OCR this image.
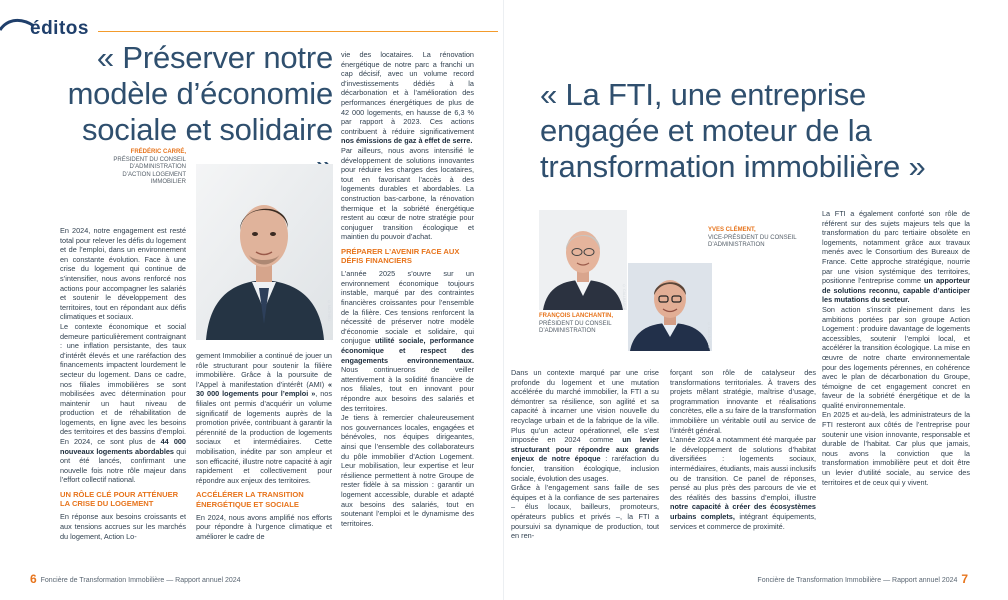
éditos
« Préserver notre modèle d’économie sociale et solidaire
FRÉDÉRIC CARRÉ,
PRÉSIDENT DU CONSEIL D’ADMINISTRATION D’ACTION LOGEMENT IMMOBILIER
© MATHIEU

En 2024, notre engagement est resté total pour relever les défis du logement et de l’emploi, dans un environnement en constante évolution. Face à une crise du logement qui continue de s’intensifier, nous avons renforcé nos actions pour accompagner les salariés et soutenir le développement des territoires, tout en répondant aux défis climatiques et sociaux.

Le contexte économique et social demeure particulièrement contraignant : une inflation persistante, des taux d’intérêt élevés et une raréfaction des financements impactent lourdement le secteur du logement. Dans ce cadre, nos filiales immobilières se sont mobilisées avec détermination pour maintenir un haut niveau de production et de réhabilitation de logements, en ligne avec les besoins des territoires et des bassins d’emploi. En 2024, ce sont plus de 44 000 nouveaux logements abordables qui ont été lancés, confirmant une nouvelle fois notre rôle majeur dans l’effort collectif national.

UN RÔLE CLÉ POUR ATTÉNUER LA CRISE DU LOGEMENT

En réponse aux besoins croissants et aux tensions accrues sur les marchés du logement, Action Lo-

gement Immobilier a continué de jouer un rôle structurant pour soutenir la filière immobilière. Grâce à la poursuite de l’Appel à manifestation d’intérêt (AMI) « 30 000 logements pour l’emploi », nos filiales ont permis d’acquérir un volume significatif de logements auprès de la promotion privée, contribuant à garantir la pérennité de la production de logements sociaux et intermédiaires. Cette mobilisation, inédite par son ampleur et son efficacité, illustre notre capacité à agir rapidement et collectivement pour répondre aux enjeux des territoires.

ACCÉLÉRER LA TRANSITION ÉNERGÉTIQUE ET SOCIALE

En 2024, nous avons amplifié nos efforts pour répondre à l’urgence climatique et améliorer le cadre de

vie des locataires. La rénovation énergétique de notre parc a franchi un cap décisif, avec un volume record d’investissements dédiés à la décarbonation et à l’amélioration des performances énergétiques de plus de 42 000 logements, en hausse de 6,3 % par rapport à 2023. Ces actions contribuent à réduire significativement nos émissions de gaz à effet de serre.

Par ailleurs, nous avons intensifié le développement de solutions innovantes pour réduire les charges des locataires, tout en favorisant l’accès à des logements durables et abordables. La construction bas-carbone, la rénovation thermique et la sobriété énergétique restent au cœur de notre stratégie pour conjuguer transition écologique et maintien du pouvoir d’achat.

PRÉPARER L’AVENIR FACE AUX DÉFIS FINANCIERS

L’année 2025 s’ouvre sur un environnement économique toujours instable, marqué par des contraintes financières croissantes pour l’ensemble de la filière. Ces tensions renforcent la nécessité de préserver notre modèle d’économie sociale et solidaire, qui conjugue utilité sociale, performance économique et respect des engagements environnementaux. Nous continuerons de veiller attentivement à la solidité financière de nos filiales, tout en innovant pour répondre aux besoins des salariés et des territoires.

Je tiens à remercier chaleureusement nos gouvernances locales, engagées et bénévoles, nos équipes dirigeantes, ainsi que l’ensemble des collaborateurs du pôle immobilier d’Action Logement. Leur mobilisation, leur expertise et leur résilience permettent à notre Groupe de rester fidèle à sa mission : garantir un logement accessible, durable et adapté aux besoins des salariés, tout en soutenant l’emploi et le dynamisme des territoires.

6 Foncière de Transformation Immobilière — Rapport annuel 2024
« La FTI, une entreprise engagée et moteur de la transformation immobilière »
© CALLBASCH
© CALLBASCH
YVES CLÉMENT,
VICE-PRÉSIDENT DU CONSEIL D’ADMINISTRATION
FRANÇOIS LANCHANTIN,
PRÉSIDENT DU CONSEIL D’ADMINISTRATION

Dans un contexte marqué par une crise profonde du logement et une mutation accélérée du marché immobilier, la FTI a su démontrer sa résilience, son agilité et sa capacité à incarner une vision nouvelle du recyclage urbain et de la fabrique de la ville. Plus qu’un acteur opérationnel, elle s’est imposée en 2024 comme un levier structurant pour répondre aux grands enjeux de notre époque : raréfaction du foncier, transition écologique, inclusion sociale, évolution des usages.

Grâce à l’engagement sans faille de ses équipes et à la confiance de ses partenaires – élus locaux, bailleurs, promoteurs, opérateurs publics et privés –, la FTI a poursuivi sa dynamique de production, tout en ren-

forçant son rôle de catalyseur des transformations territoriales. À travers des projets mêlant stratégie, maîtrise d’usage, programmation innovante et réalisations concrètes, elle a su faire de la transformation immobilière un véritable outil au service de l’intérêt général.

L’année 2024 a notamment été marquée par le développement de solutions d’habitat diversifiées : logements sociaux, intermédiaires, étudiants, mais aussi inclusifs ou de transition. Ce panel de réponses, pensé au plus près des parcours de vie et des réalités des bassins d’emploi, illustre notre capacité à créer des écosystèmes urbains complets, intégrant équipements, services et commerce de proximité.

La FTI a également conforté son rôle de référent sur des sujets majeurs tels que la transformation du parc tertiaire obsolète en logements, notamment grâce aux travaux menés avec le Consortium des Bureaux de France. Cette approche stratégique, nourrie par une vision systémique des territoires, positionne l’entreprise comme un apporteur de solutions reconnu, capable d’anticiper les mutations du secteur.

Son action s’inscrit pleinement dans les ambitions portées par son groupe Action Logement : produire davantage de logements accessibles, soutenir l’emploi local, et accélérer la transition écologique. La mise en œuvre de notre charte environnementale pour des logements pérennes, en cohérence avec le plan de décarbonation du Groupe, témoigne de cet engagement concret en faveur de la sobriété énergétique et de la qualité environnementale.

En 2025 et au-delà, les administrateurs de la FTI resteront aux côtés de l’entreprise pour soutenir une vision innovante, responsable et durable de l’habitat. Car plus que jamais, nous avons la conviction que la transformation immobilière peut et doit être un levier d’utilité sociale, au service des territoires et de ceux qui y vivent.

Foncière de Transformation Immobilière — Rapport annuel 2024 7
